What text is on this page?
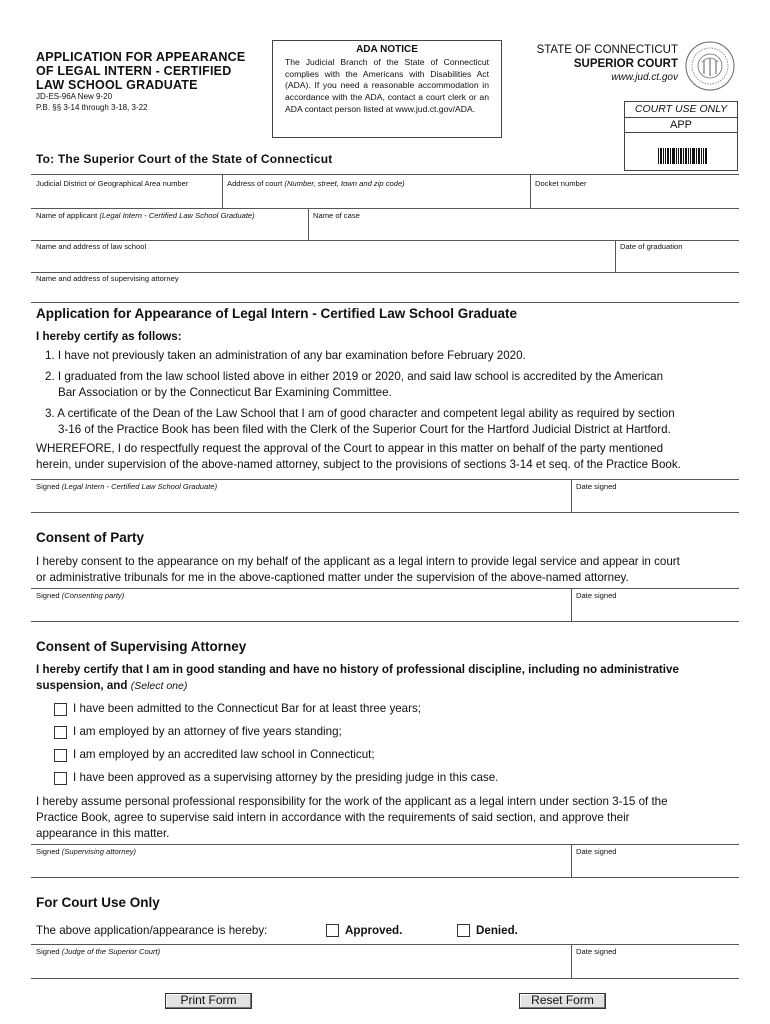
APPLICATION FOR APPEARANCE
OF LEGAL INTERN - CERTIFIED
LAW SCHOOL GRADUATE
JD-ES-96A New 9-20
P.B. §§ 3-14 through 3-18, 3-22
ADA NOTICE
The Judicial Branch of the State of Connecticut complies with the Americans with Disabilities Act (ADA). If you need a reasonable accommodation in accordance with the ADA, contact a court clerk or an ADA contact person listed at www.jud.ct.gov/ADA.
STATE OF CONNECTICUT
SUPERIOR COURT
www.jud.ct.gov
COURT USE ONLY
APP
To: The Superior Court of the State of Connecticut
Judicial District or Geographical Area number	Address of court (Number, street, town and zip code)	Docket number
Name of applicant (Legal Intern - Certified Law School Graduate)	Name of case
Name and address of law school	Date of graduation
Name and address of supervising attorney
Application for Appearance of Legal Intern - Certified Law School Graduate
I hereby certify as follows:
1. I have not previously taken an administration of any bar examination before February 2020.
2. I graduated from the law school listed above in either 2019 or 2020, and said law school is accredited by the American
Bar Association or by the Connecticut Bar Examining Committee.
3. A certificate of the Dean of the Law School that I am of good character and competent legal ability as required by section
3-16 of the Practice Book has been filed with the Clerk of the Superior Court for the Hartford Judicial District at Hartford.
WHEREFORE, I do respectfully request the approval of the Court to appear in this matter on behalf of the party mentioned
herein, under supervision of the above-named attorney, subject to the provisions of sections 3-14 et seq. of the Practice Book.
Signed (Legal Intern - Certified Law School Graduate)	Date signed
Consent of Party
I hereby consent to the appearance on my behalf of the applicant as a legal intern to provide legal service and appear in court
or administrative tribunals for me in the above-captioned matter under the supervision of the above-named attorney.
Signed (Consenting party)	Date signed
Consent of Supervising Attorney
I hereby certify that I am in good standing and have no history of professional discipline, including no administrative
suspension, and (Select one)
I have been admitted to the Connecticut Bar for at least three years;
I am employed by an attorney of five years standing;
I am employed by an accredited law school in Connecticut;
I have been approved as a supervising attorney by the presiding judge in this case.
I hereby assume personal professional responsibility for the work of the applicant as a legal intern under section 3-15 of the
Practice Book, agree to supervise said intern in accordance with the requirements of said section, and approve their
appearance in this matter.
Signed (Supervising attorney)	Date signed
For Court Use Only
The above application/appearance is hereby:	Approved.	Denied.
Signed (Judge of the Superior Court)	Date signed
Print Form	Reset Form
